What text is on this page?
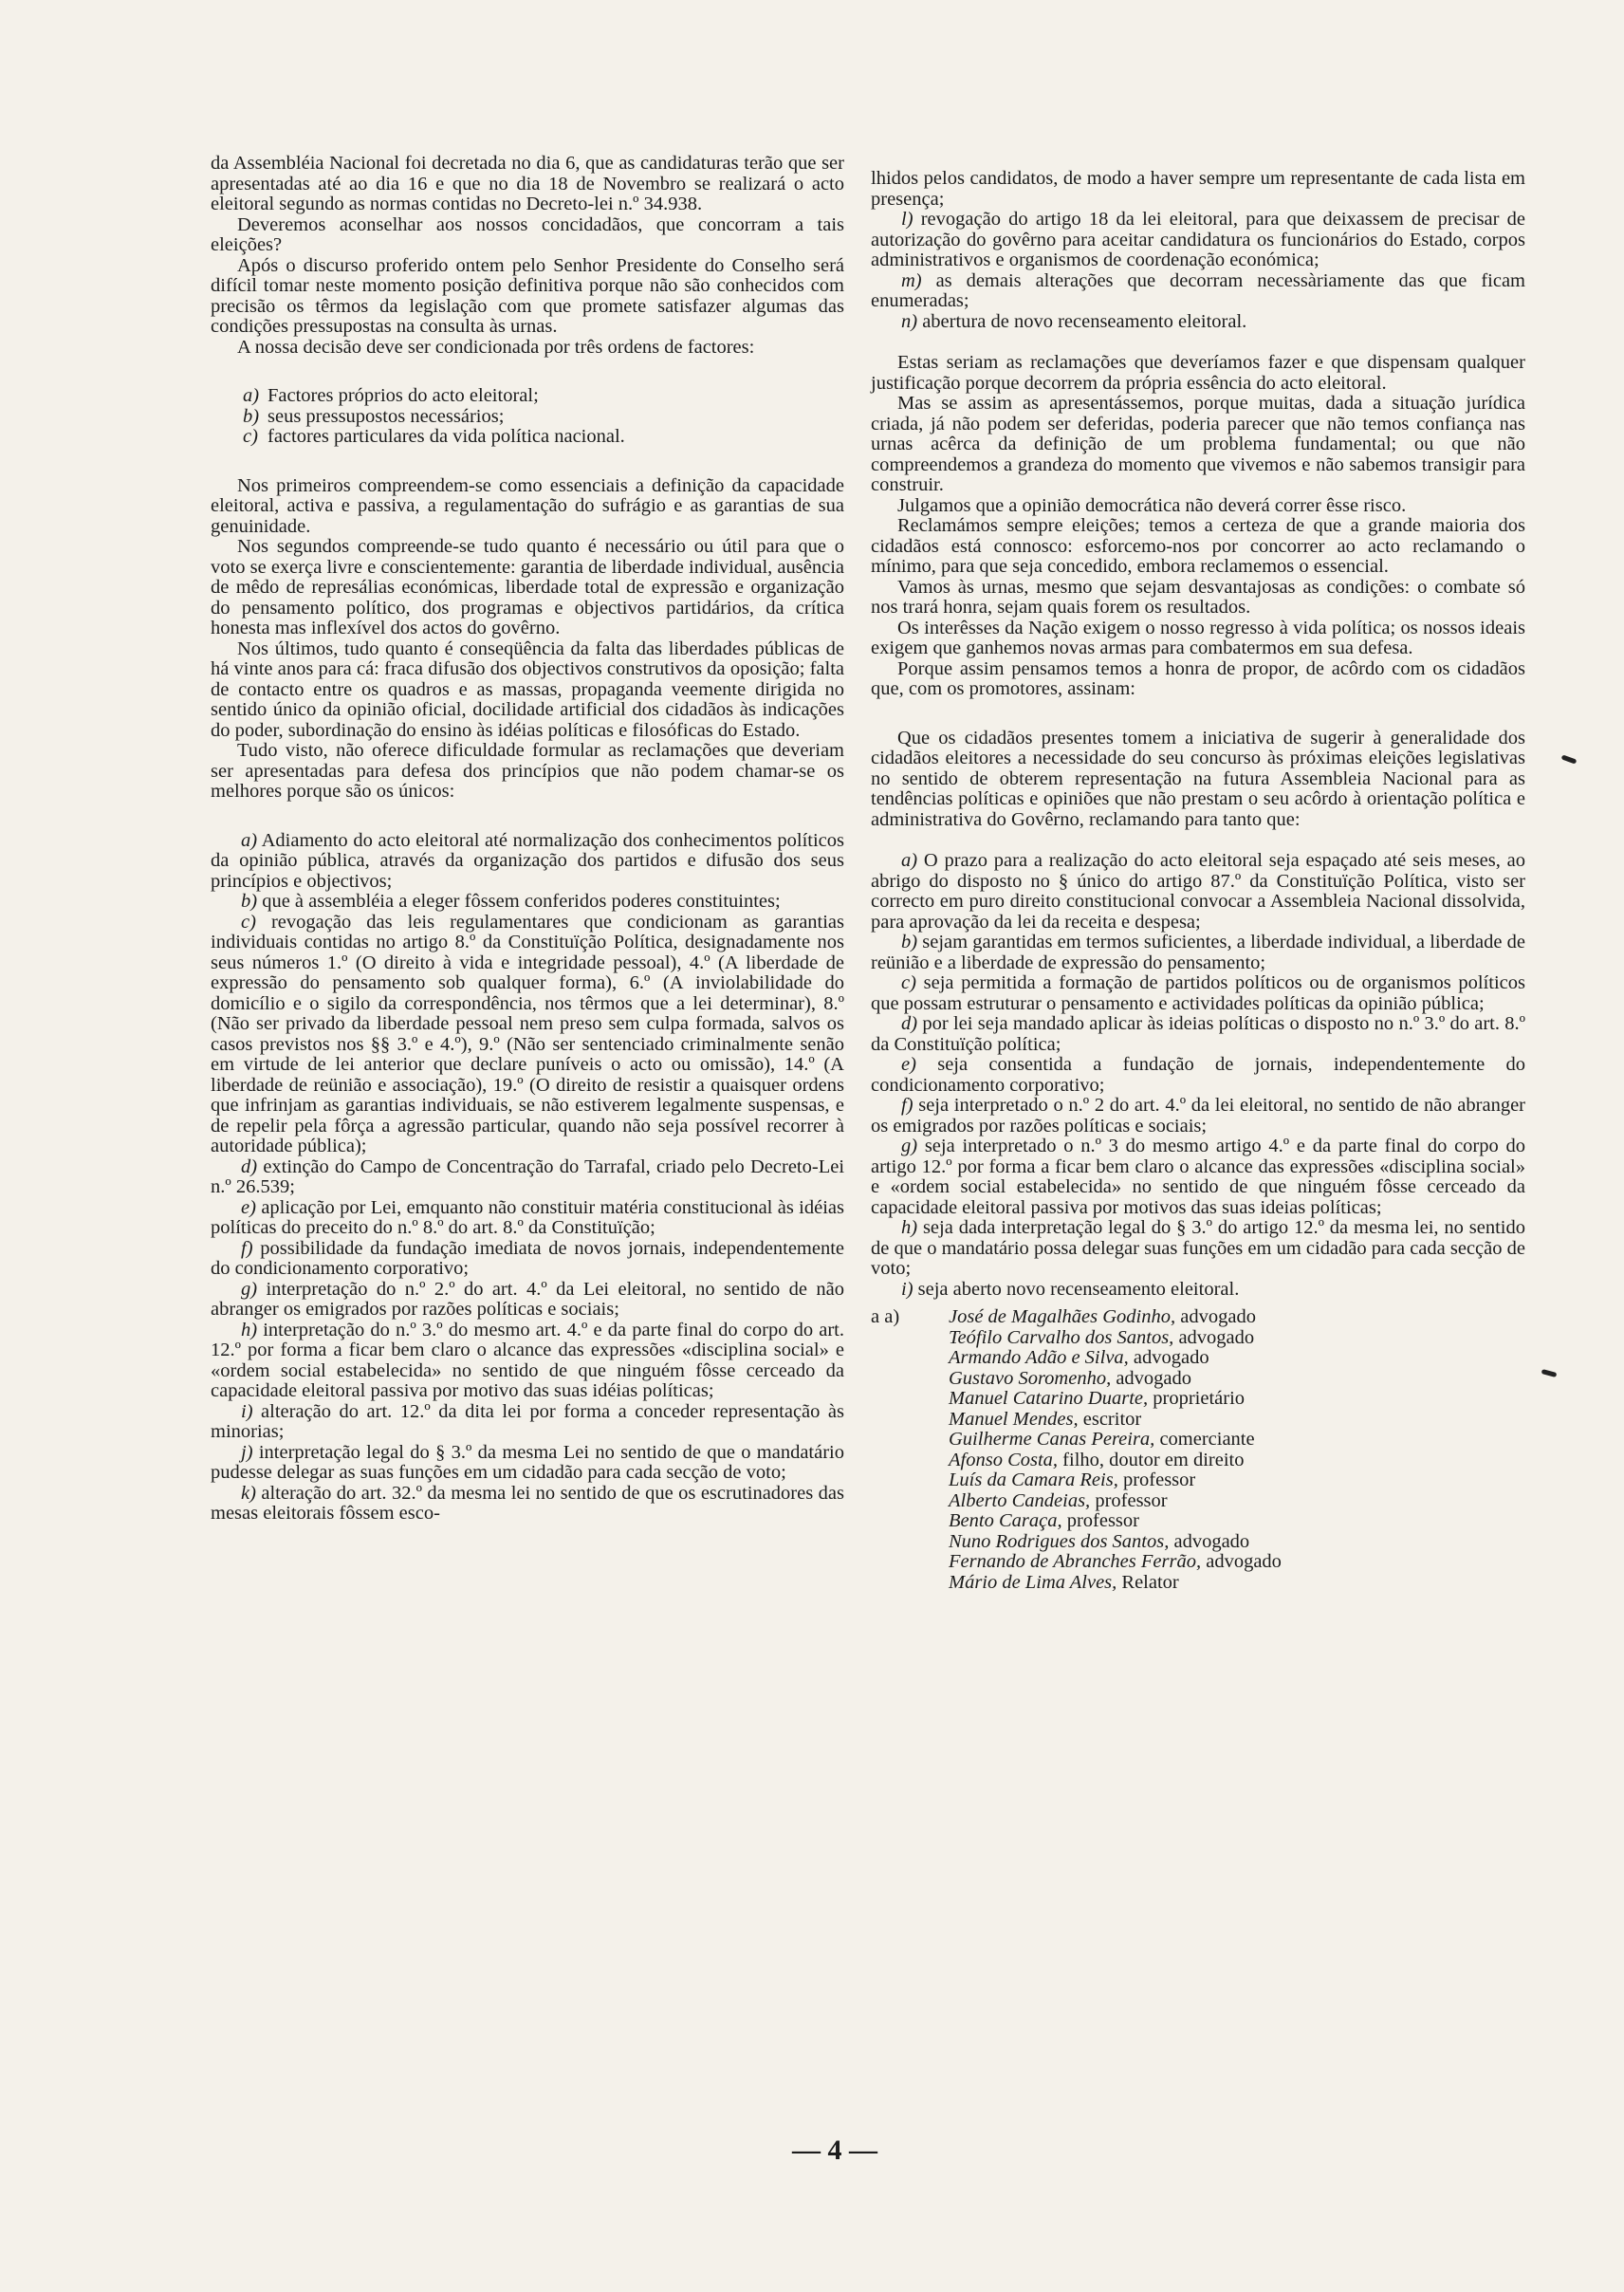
da Assembléia Nacional foi decretada no dia 6, que as candidaturas terão que ser apresentadas até ao dia 16 e que no dia 18 de Novembro se realizará o acto eleitoral segundo as normas contidas no Decreto-lei n.º 34.938.

Deveremos aconselhar aos nossos concidadãos, que concorram a tais eleições?

Após o discurso proferido ontem pelo Senhor Presidente do Conselho será difícil tomar neste momento posição definitiva porque não são conhecidos com precisão os têrmos da legislação com que promete satisfazer algumas das condições pressupostas na consulta às urnas.

A nossa decisão deve ser condicionada por três ordens de factores:

a) Factores próprios do acto eleitoral;

b) seus pressupostos necessários;

c) factores particulares da vida política nacional.

Nos primeiros compreendem-se como essenciais a definição da capacidade eleitoral, activa e passiva, a regulamentação do sufrágio e as garantias de sua genuinidade.

Nos segundos compreende-se tudo quanto é necessário ou útil para que o voto se exerça livre e conscientemente: garantia de liberdade individual, ausência de mêdo de represálias económicas, liberdade total de expressão e organização do pensamento político, dos programas e objectivos partidários, da crítica honesta mas inflexível dos actos do govêrno.

Nos últimos, tudo quanto é conseqüência da falta das liberdades públicas de há vinte anos para cá: fraca difusão dos objectivos construtivos da oposição; falta de contacto entre os quadros e as massas, propaganda veemente dirigida no sentido único da opinião oficial, docilidade artificial dos cidadãos às indicações do poder, subordinação do ensino às idéias políticas e filosóficas do Estado.

Tudo visto, não oferece dificuldade formular as reclamações que deveriam ser apresentadas para defesa dos princípios que não podem chamar-se os melhores porque são os únicos:

a) Adiamento do acto eleitoral até normalização dos conhecimentos políticos da opinião pública, através da organização dos partidos e difusão dos seus princípios e objectivos;

b) que à assembléia a eleger fôssem conferidos poderes constituintes;

c) revogação das leis regulamentares que condicionam as garantias individuais contidas no artigo 8.º da Constituïção Política, designadamente nos seus números 1.º (O direito à vida e integridade pessoal), 4.º (A liberdade de expressão do pensamento sob qualquer forma), 6.º (A inviolabilidade do domicílio e o sigilo da correspondência, nos têrmos que a lei determinar), 8.º (Não ser privado da liberdade pessoal nem preso sem culpa formada, salvos os casos previstos nos §§ 3.º e 4.º), 9.º (Não ser sentenciado criminalmente senão em virtude de lei anterior que declare puníveis o acto ou omissão), 14.º (A liberdade de reünião e associação), 19.º (O direito de resistir a quaisquer ordens que infrinjam as garantias individuais, se não estiverem legalmente suspensas, e de repelir pela fôrça a agressão particular, quando não seja possível recorrer à autoridade pública);

d) extinção do Campo de Concentração do Tarrafal, criado pelo Decreto-Lei n.º 26.539;

e) aplicação por Lei, emquanto não constituir matéria constitucional às idéias políticas do preceito do n.º 8.º do art. 8.º da Constituïção;

f) possibilidade da fundação imediata de novos jornais, independentemente do condicionamento corporativo;

g) interpretação do n.º 2.º do art. 4.º da Lei eleitoral, no sentido de não abranger os emigrados por razões políticas e sociais;

h) interpretação do n.º 3.º do mesmo art. 4.º e da parte final do corpo do art. 12.º por forma a ficar bem claro o alcance das expressões «disciplina social» e «ordem social estabelecida» no sentido de que ninguém fôsse cerceado da capacidade eleitoral passiva por motivo das suas idéias políticas;

i) alteração do art. 12.º da dita lei por forma a conceder representação às minorias;

j) interpretação legal do § 3.º da mesma Lei no sentido de que o mandatário pudesse delegar as suas funções em um cidadão para cada secção de voto;

k) alteração do art. 32.º da mesma lei no sentido de que os escrutinadores das mesas eleitorais fôssem esco-

lhidos pelos candidatos, de modo a haver sempre um representante de cada lista em presença;

l) revogação do artigo 18 da lei eleitoral, para que deixassem de precisar de autorização do govêrno para aceitar candidatura os funcionários do Estado, corpos administrativos e organismos de coordenação económica;

m) as demais alterações que decorram necessàriamente das que ficam enumeradas;

n) abertura de novo recenseamento eleitoral.

Estas seriam as reclamações que deveríamos fazer e que dispensam qualquer justificação porque decorrem da própria essência do acto eleitoral.

Mas se assim as apresentássemos, porque muitas, dada a situação jurídica criada, já não podem ser deferidas, poderia parecer que não temos confiança nas urnas acêrca da definição de um problema fundamental; ou que não compreendemos a grandeza do momento que vivemos e não sabemos transigir para construir.

Julgamos que a opinião democrática não deverá correr êsse risco.

Reclamámos sempre eleições; temos a certeza de que a grande maioria dos cidadãos está connosco: esforcemo-nos por concorrer ao acto reclamando o mínimo, para que seja concedido, embora reclamemos o essencial.

Vamos às urnas, mesmo que sejam desvantajosas as condições: o combate só nos trará honra, sejam quais forem os resultados.

Os interêsses da Nação exigem o nosso regresso à vida política; os nossos ideais exigem que ganhemos novas armas para combatermos em sua defesa.

Porque assim pensamos temos a honra de propor, de acôrdo com os cidadãos que, com os promotores, assinam:

Que os cidadãos presentes tomem a iniciativa de sugerir à generalidade dos cidadãos eleitores a necessidade do seu concurso às próximas eleições legislativas no sentido de obterem representação na futura Assembleia Nacional para as tendências políticas e opiniões que não prestam o seu acôrdo à orientação política e administrativa do Govêrno, reclamando para tanto que:

a) O prazo para a realização do acto eleitoral seja espaçado até seis meses, ao abrigo do disposto no § único do artigo 87.º da Constituïção Política, visto ser correcto em puro direito constitucional convocar a Assembleia Nacional dissolvida, para aprovação da lei da receita e despesa;

b) sejam garantidas em termos suficientes, a liberdade individual, a liberdade de reünião e a liberdade de expressão do pensamento;

c) seja permitida a formação de partidos políticos ou de organismos políticos que possam estruturar o pensamento e actividades políticas da opinião pública;

d) por lei seja mandado aplicar às ideias políticas o disposto no n.º 3.º do art. 8.º da Constituïção política;

e) seja consentida a fundação de jornais, independentemente do condicionamento corporativo;

f) seja interpretado o n.º 2 do art. 4.º da lei eleitoral, no sentido de não abranger os emigrados por razões políticas e sociais;

g) seja interpretado o n.º 3 do mesmo artigo 4.º e da parte final do corpo do artigo 12.º por forma a ficar bem claro o alcance das expressões «disciplina social» e «ordem social estabelecida» no sentido de que ninguém fôsse cerceado da capacidade eleitoral passiva por motivos das suas ideias políticas;

h) seja dada interpretação legal do § 3.º do artigo 12.º da mesma lei, no sentido de que o mandatário possa delegar suas funções em um cidadão para cada secção de voto;

i) seja aberto novo recenseamento eleitoral.

a a)	José de Magalhães Godinho, advogado
Teófilo Carvalho dos Santos, advogado
Armando Adão e Silva, advogado
Gustavo Soromenho, advogado
Manuel Catarino Duarte, proprietário
Manuel Mendes, escritor
Guilherme Canas Pereira, comerciante
Afonso Costa, filho, doutor em direito
Luís da Camara Reis, professor
Alberto Candeias, professor
Bento Caraça, professor
Nuno Rodrigues dos Santos, advogado
Fernando de Abranches Ferrão, advogado
Mário de Lima Alves, Relator
— 4 —
